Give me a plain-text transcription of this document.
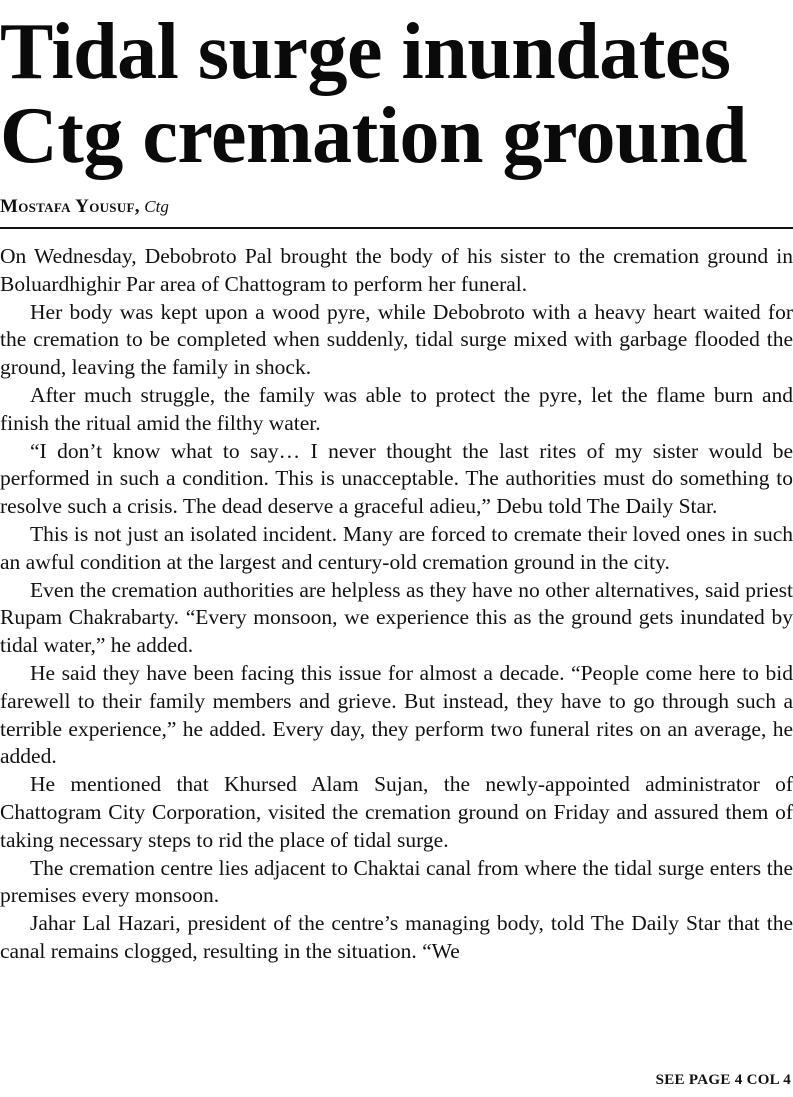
Tidal surge inundates
Ctg cremation ground
Mostafa Yousuf, Ctg

On Wednesday, Debobroto Pal brought the body of his sister to the cremation ground in Boluardhighir Par area of Chattogram to perform her funeral.

Her body was kept upon a wood pyre, while Debobroto with a heavy heart waited for the cremation to be completed when suddenly, tidal surge mixed with garbage flooded the ground, leaving the family in shock.

After much struggle, the family was able to protect the pyre, let the flame burn and finish the ritual amid the filthy water.

“I don’t know what to say… I never thought the last rites of my sister would be performed in such a condition. This is unacceptable. The authorities must do something to resolve such a crisis. The dead deserve a graceful adieu,” Debu told The Daily Star.

This is not just an isolated incident. Many are forced to cremate their loved ones in such an awful condition at the largest and century-old cremation ground in the city.

Even the cremation authorities are helpless as they have no other alternatives, said priest Rupam Chakrabarty. “Every monsoon, we experience this as the ground gets inundated by tidal water,” he added.

He said they have been facing this issue for almost a decade. “People come here to bid farewell to their family members and grieve. But instead, they have to go through such a terrible experience,” he added. Every day, they perform two funeral rites on an average, he added.

He mentioned that Khursed Alam Sujan, the newly-appointed administrator of Chattogram City Corporation, visited the cremation ground on Friday and assured them of taking necessary steps to rid the place of tidal surge.

The cremation centre lies adjacent to Chaktai canal from where the tidal surge enters the premises every monsoon.

Jahar Lal Hazari, president of the centre’s managing body, told The Daily Star that the canal remains clogged, resulting in the situation. “We

SEE PAGE 4 COL 4
